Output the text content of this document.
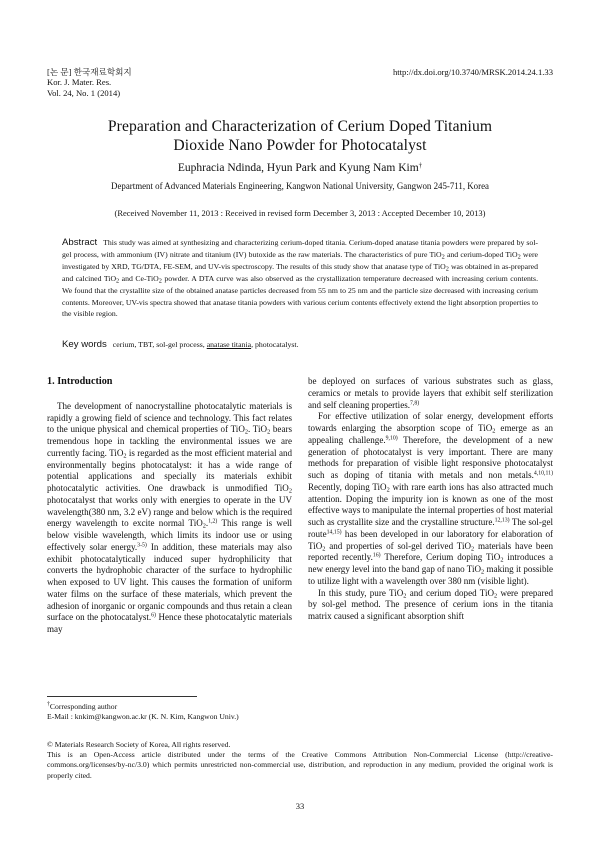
[논 문] 한국재료학회지
Kor. J. Mater. Res.
Vol. 24, No. 1 (2014)
http://dx.doi.org/10.3740/MRSK.2014.24.1.33
Preparation and Characterization of Cerium Doped Titanium
Dioxide Nano Powder for Photocatalyst
Euphracia Ndinda, Hyun Park and Kyung Nam Kim†
Department of Advanced Materials Engineering, Kangwon National University, Gangwon 245-711, Korea
(Received November 11, 2013 : Received in revised form December 3, 2013 : Accepted December 10, 2013)
Abstract This study was aimed at synthesizing and characterizing cerium-doped titania. Cerium-doped anatase titania powders were prepared by sol-gel process, with ammonium (IV) nitrate and titanium (IV) butoxide as the raw materials. The characteristics of pure TiO$_2$ and cerium-doped TiO$_2$ were investigated by XRD, TG/DTA, FE-SEM, and UV-vis spectroscopy. The results of this study show that anatase type of TiO$_2$ was obtained in as-prepared and calcined TiO$_2$ and Ce-TiO$_2$ powder. A DTA curve was also observed as the crystallization temperature decreased with increasing cerium contents. We found that the crystallite size of the obtained anatase particles decreased from 55 nm to 25 nm and the particle size decreased with increasing cerium contents. Moreover, UV-vis spectra showed that anatase titania powders with various cerium contents effectively extend the light absorption properties to the visible region.
Key words cerium, TBT, sol-gel process, anatase titania, photocatalyst.
1. Introduction

The development of nanocrystalline photocatalytic materials is rapidly a growing field of science and technology. This fact relates to the unique physical and chemical properties of TiO$_2$. TiO$_2$ bears tremendous hope in tackling the environmental issues we are currently facing. TiO$_2$ is regarded as the most efficient material and environmentally begins photocatalyst: it has a wide range of potential applications and specially its materials exhibit photocatalytic activities. One drawback is unmodified TiO$_2$ photocatalyst that works only with energies to operate in the UV wavelength(380 nm, 3.2 eV) range and below which is the required energy wavelength to excite normal TiO$_2$.$^{1,2)}$ This range is well below visible wavelength, which limits its indoor use or using effectively solar energy.$^{3-5)}$ In addition, these materials may also exhibit photocatalytically induced super hydrophilicity that converts the hydrophobic character of the surface to hydrophilic when exposed to UV light. This causes the formation of uniform water films on the surface of these materials, which prevent the adhesion of inorganic or organic compounds and thus retain a clean surface on the photocatalyst.$^{6)}$ Hence these photocatalytic materials may

be deployed on surfaces of various substrates such as glass, ceramics or metals to provide layers that exhibit self sterilization and self cleaning properties.$^{7,8)}$

For effective utilization of solar energy, development efforts towards enlarging the absorption scope of TiO$_2$ emerge as an appealing challenge.$^{9,10)}$ Therefore, the development of a new generation of photocatalyst is very important. There are many methods for preparation of visible light responsive photocatalyst such as doping of titania with metals and non metals.$^{4,10,11)}$ Recently, doping TiO$_2$ with rare earth ions has also attracted much attention. Doping the impurity ion is known as one of the most effective ways to manipulate the internal properties of host material such as crystallite size and the crystalline structure.$^{12,13)}$ The sol-gel route$^{14,15)}$ has been developed in our laboratory for elaboration of TiO$_2$ and properties of sol-gel derived TiO$_2$ materials have been reported recently.$^{16)}$ Therefore, Cerium doping TiO$_2$ introduces a new energy level into the band gap of nano TiO$_2$ making it possible to utilize light with a wavelength over 380 nm (visible light).

In this study, pure TiO$_2$ and cerium doped TiO$_2$ were prepared by sol-gel method. The presence of cerium ions in the titania matrix caused a significant absorption shift

†Corresponding author
E-Mail : knkim@kangwon.ac.kr (K. N. Kim, Kangwon Univ.)
© Materials Research Society of Korea, All rights reserved.
This is an Open-Access article distributed under the terms of the Creative Commons Attribution Non-Commercial License (http://creative-commons.org/licenses/by-nc/3.0) which permits unrestricted non-commercial use, distribution, and reproduction in any medium, provided the original work is properly cited.
33
